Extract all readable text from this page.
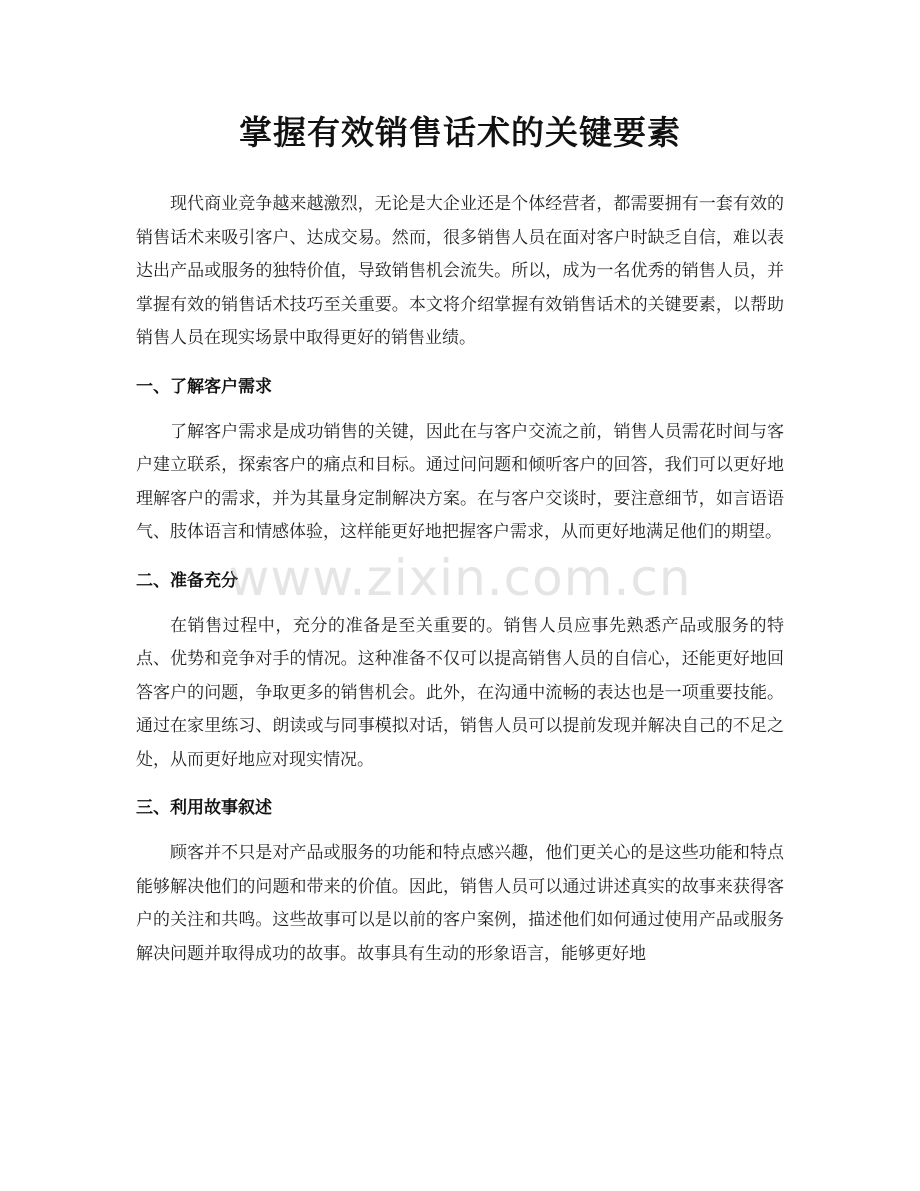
掌握有效销售话术的关键要素

现代商业竞争越来越激烈，无论是大企业还是个体经营者，都需要拥有一套有效的销售话术来吸引客户、达成交易。然而，很多销售人员在面对客户时缺乏自信，难以表达出产品或服务的独特价值，导致销售机会流失。所以，成为一名优秀的销售人员，并掌握有效的销售话术技巧至关重要。本文将介绍掌握有效销售话术的关键要素，以帮助销售人员在现实场景中取得更好的销售业绩。

一、了解客户需求

了解客户需求是成功销售的关键，因此在与客户交流之前，销售人员需花时间与客户建立联系，探索客户的痛点和目标。通过问问题和倾听客户的回答，我们可以更好地理解客户的需求，并为其量身定制解决方案。在与客户交谈时，要注意细节，如言语语气、肢体语言和情感体验，这样能更好地把握客户需求，从而更好地满足他们的期望。

二、准备充分

在销售过程中，充分的准备是至关重要的。销售人员应事先熟悉产品或服务的特点、优势和竞争对手的情况。这种准备不仅可以提高销售人员的自信心，还能更好地回答客户的问题，争取更多的销售机会。此外，在沟通中流畅的表达也是一项重要技能。通过在家里练习、朗读或与同事模拟对话，销售人员可以提前发现并解决自己的不足之处，从而更好地应对现实情况。

三、利用故事叙述

顾客并不只是对产品或服务的功能和特点感兴趣，他们更关心的是这些功能和特点能够解决他们的问题和带来的价值。因此，销售人员可以通过讲述真实的故事来获得客户的关注和共鸣。这些故事可以是以前的客户案例，描述他们如何通过使用产品或服务解决问题并取得成功的故事。故事具有生动的形象语言，能够更好地

www.zixin.com.cn
